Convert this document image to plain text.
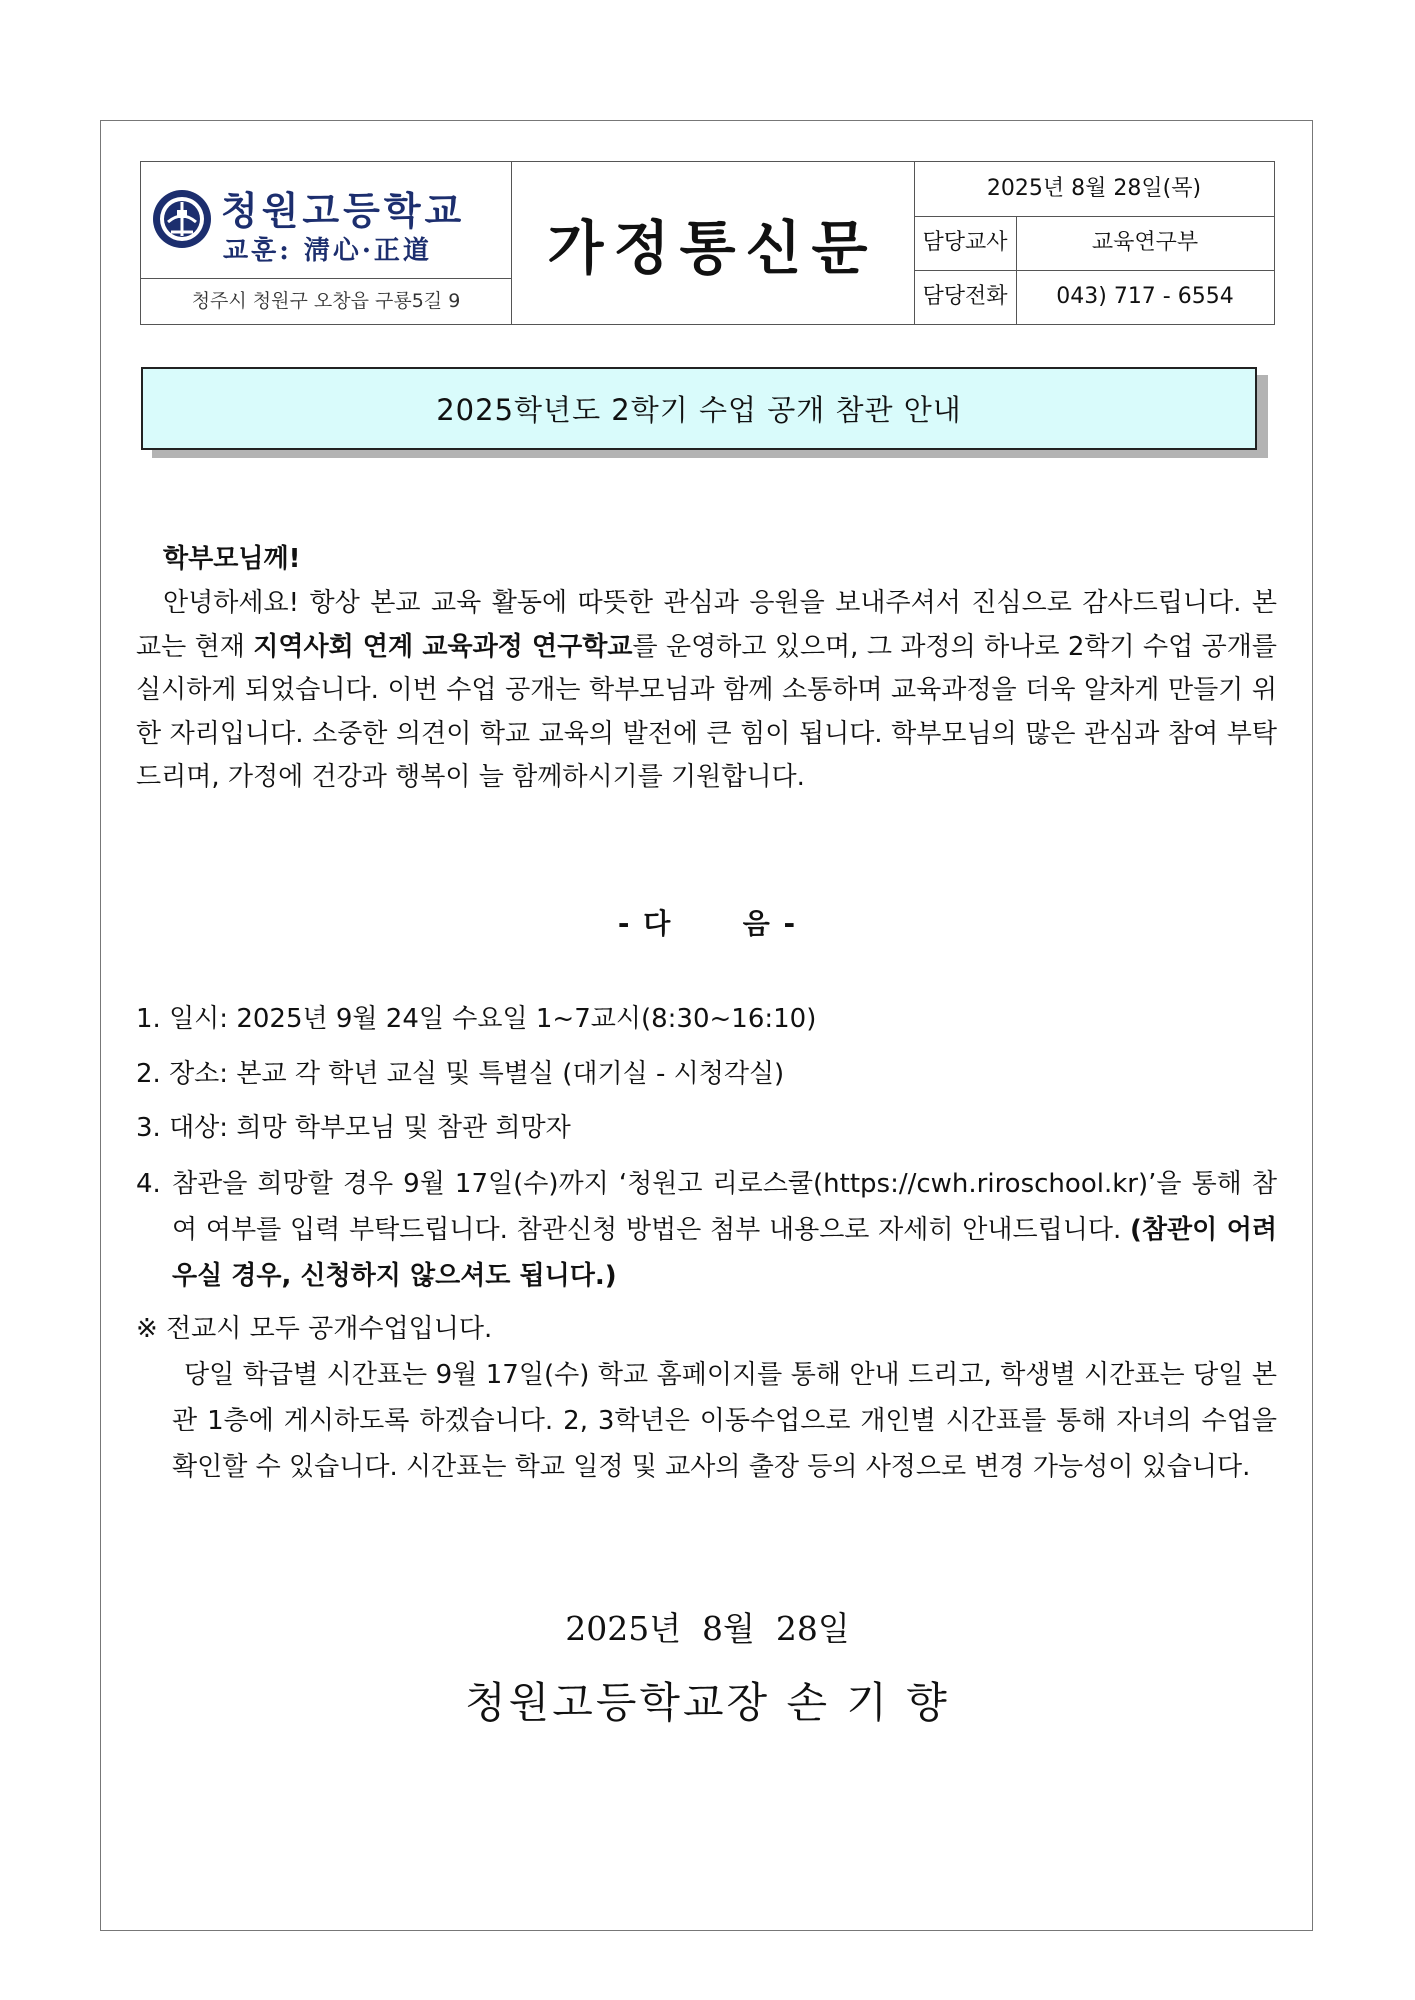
청원고등학교
교훈: 淸心·正道
청주시 청원구 오창읍 구룡5길 9
가정통신문
2025년 8월 28일(목)
담당교사	교육연구부
담당전화	043) 717 - 6554
2025학년도 2학기 수업 공개 참관 안내
학부모님께!
안녕하세요! 항상 본교 교육 활동에 따뜻한 관심과 응원을 보내주셔서 진심으로 감사드립니다. 본교는 현재 지역사회 연계 교육과정 연구학교를 운영하고 있으며, 그 과정의 하나로 2학기 수업 공개를 실시하게 되었습니다. 이번 수업 공개는 학부모님과 함께 소통하며 교육과정을 더욱 알차게 만들기 위한 자리입니다. 소중한 의견이 학교 교육의 발전에 큰 힘이 됩니다. 학부모님의 많은 관심과 참여 부탁드리며, 가정에 건강과 행복이 늘 함께하시기를 기원합니다.
- 다      음 -
1. 일시: 2025년 9월 24일 수요일 1~7교시(8:30~16:10)
2. 장소: 본교 각 학년 교실 및 특별실 (대기실 - 시청각실)
3. 대상: 희망 학부모님 및 참관 희망자
4. 참관을 희망할 경우 9월 17일(수)까지 ‘청원고 리로스쿨(https://cwh.riroschool.kr)’을 통해 참여 여부를 입력 부탁드립니다. 참관신청 방법은 첨부 내용으로 자세히 안내드립니다. (참관이 어려우실 경우, 신청하지 않으셔도 됩니다.)
※ 전교시 모두 공개수업입니다.
당일 학급별 시간표는 9월 17일(수) 학교 홈페이지를 통해 안내 드리고, 학생별 시간표는 당일 본관 1층에 게시하도록 하겠습니다. 2, 3학년은 이동수업으로 개인별 시간표를 통해 자녀의 수업을 확인할 수 있습니다. 시간표는 학교 일정 및 교사의 출장 등의 사정으로 변경 가능성이 있습니다.
2025년  8월  28일
청원고등학교장 손 기 향
